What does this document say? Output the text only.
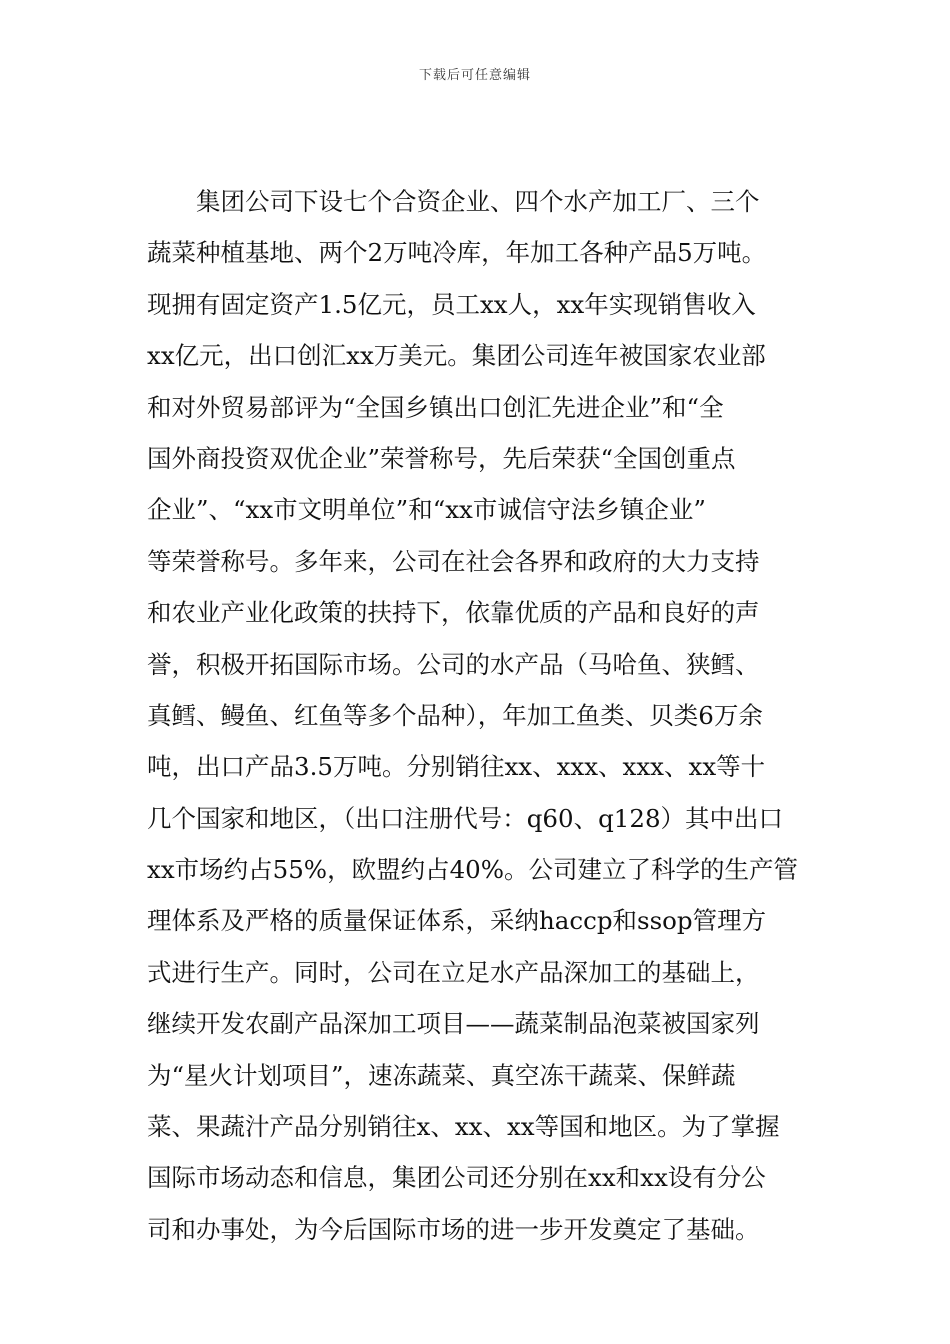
下载后可任意编辑
集团公司下设七个合资企业、四个水产加工厂、三个
蔬菜种植基地、两个2万吨冷库，年加工各种产品5万吨。
现拥有固定资产1.5亿元，员工xx人，xx年实现销售收入
xx亿元，出口创汇xx万美元。集团公司连年被国家农业部
和对外贸易部评为“全国乡镇出口创汇先进企业”和“全
国外商投资双优企业”荣誉称号，先后荣获“全国创重点
企业”、“xx市文明单位”和“xx市诚信守法乡镇企业”
等荣誉称号。多年来，公司在社会各界和政府的大力支持
和农业产业化政策的扶持下，依靠优质的产品和良好的声
誉，积极开拓国际市场。公司的水产品（马哈鱼、狭鳕、
真鳕、鳗鱼、红鱼等多个品种），年加工鱼类、贝类6万余
吨，出口产品3.5万吨。分别销往xx、xxx、xxx、xx等十
几个国家和地区，（出口注册代号：q60、q128）其中出口
xx市场约占55%，欧盟约占40%。公司建立了科学的生产管
理体系及严格的质量保证体系，采纳haccp和ssop管理方
式进行生产。同时，公司在立足水产品深加工的基础上，
继续开发农副产品深加工项目——蔬菜制品泡菜被国家列
为“星火计划项目”，速冻蔬菜、真空冻干蔬菜、保鲜蔬
菜、果蔬汁产品分别销往x、xx、xx等国和地区。为了掌握
国际市场动态和信息，集团公司还分别在xx和xx设有分公
司和办事处，为今后国际市场的进一步开发奠定了基础。
